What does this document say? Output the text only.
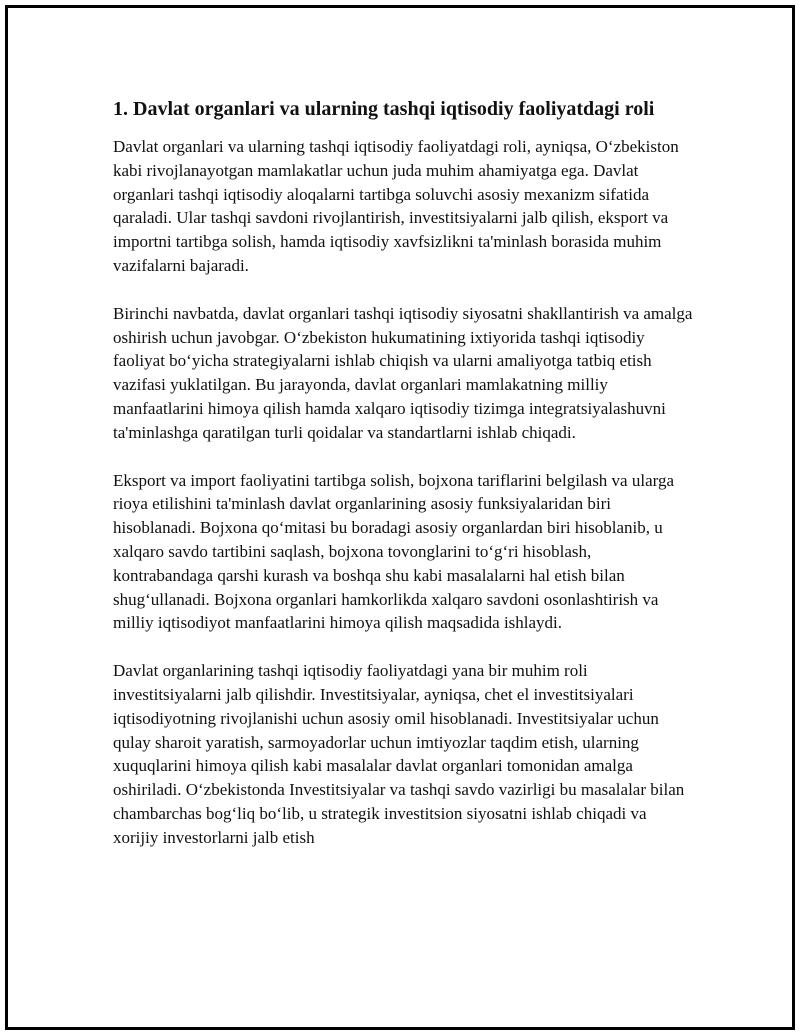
1. Davlat organlari va ularning tashqi iqtisodiy faoliyatdagi roli

Davlat organlari va ularning tashqi iqtisodiy faoliyatdagi roli, ayniqsa, O‘zbekiston kabi rivojlanayotgan mamlakatlar uchun juda muhim ahamiyatga ega. Davlat organlari tashqi iqtisodiy aloqalarni tartibga soluvchi asosiy mexanizm sifatida qaraladi. Ular tashqi savdoni rivojlantirish, investitsiyalarni jalb qilish, eksport va importni tartibga solish, hamda iqtisodiy xavfsizlikni ta'minlash borasida muhim vazifalarni bajaradi.

Birinchi navbatda, davlat organlari tashqi iqtisodiy siyosatni shakllantirish va amalga oshirish uchun javobgar. O‘zbekiston hukumatining ixtiyorida tashqi iqtisodiy faoliyat bo‘yicha strategiyalarni ishlab chiqish va ularni amaliyotga tatbiq etish vazifasi yuklatilgan. Bu jarayonda, davlat organlari mamlakatning milliy manfaatlarini himoya qilish hamda xalqaro iqtisodiy tizimga integratsiyalashuvni ta'minlashga qaratilgan turli qoidalar va standartlarni ishlab chiqadi.

Eksport va import faoliyatini tartibga solish, bojxona tariflarini belgilash va ularga rioya etilishini ta'minlash davlat organlarining asosiy funksiyalaridan biri hisoblanadi. Bojxona qo‘mitasi bu boradagi asosiy organlardan biri hisoblanib, u xalqaro savdo tartibini saqlash, bojxona tovonglarini to‘g‘ri hisoblash, kontrabandaga qarshi kurash va boshqa shu kabi masalalarni hal etish bilan shug‘ullanadi. Bojxona organlari hamkorlikda xalqaro savdoni osonlashtirish va milliy iqtisodiyot manfaatlarini himoya qilish maqsadida ishlaydi.

Davlat organlarining tashqi iqtisodiy faoliyatdagi yana bir muhim roli investitsiyalarni jalb qilishdir. Investitsiyalar, ayniqsa, chet el investitsiyalari iqtisodiyotning rivojlanishi uchun asosiy omil hisoblanadi. Investitsiyalar uchun qulay sharoit yaratish, sarmoyadorlar uchun imtiyozlar taqdim etish, ularning xuquqlarini himoya qilish kabi masalalar davlat organlari tomonidan amalga oshiriladi. O‘zbekistonda Investitsiyalar va tashqi savdo vazirligi bu masalalar bilan chambarchas bog‘liq bo‘lib, u strategik investitsion siyosatni ishlab chiqadi va xorijiy investorlarni jalb etish
